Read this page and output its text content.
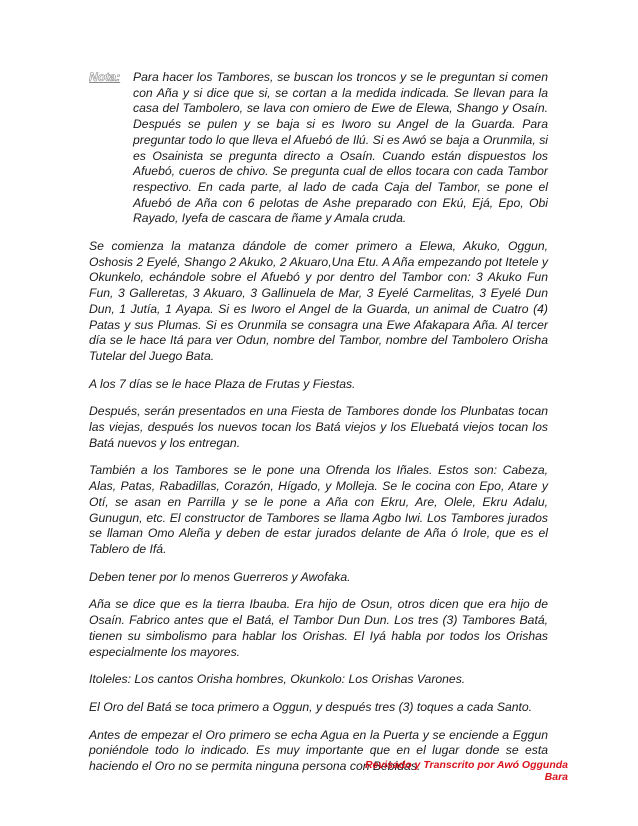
Nota:	Para hacer los Tambores, se buscan los troncos y se le preguntan si comen con Aña y si dice que si, se cortan a la medida indicada. Se llevan para la casa del Tambolero, se lava con omiero de Ewe de Elewa, Shango y Osaín. Después se pulen y se baja si es Iworo su Angel de la Guarda. Para preguntar todo lo que lleva el Afuebó de Ilú. Si es Awó se baja a Orunmila, si es Osainista se pregunta directo a Osaín. Cuando están dispuestos los Afuebó, cueros de chivo. Se pregunta cual de ellos tocara con cada Tambor respectivo. En cada parte, al lado de cada Caja del Tambor, se pone el Afuebó de Aña con 6 pelotas de Ashe preparado con Ekú, Ejá, Epo, Obi Rayado, Iyefa de cascara de ñame y Amala cruda.

Se comienza la matanza dándole de comer primero a Elewa, Akuko, Oggun, Oshosis 2 Eyelé, Shango 2 Akuko, 2 Akuaro,Una Etu. A Aña empezando pot Itetele y Okunkelo, echándole sobre el Afuebó y por dentro del Tambor con: 3 Akuko Fun Fun, 3 Galleretas, 3 Akuaro, 3 Gallinuela de Mar, 3 Eyelé Carmelitas, 3 Eyelé Dun Dun, 1 Jutía, 1 Ayapa. Si es Iworo el Angel de la Guarda, un animal de Cuatro (4) Patas y sus Plumas. Si es Orunmila se consagra una Ewe Afakapara Aña. Al tercer día se le hace Itá para ver Odun, nombre del Tambor, nombre del Tambolero Orisha Tutelar del Juego Bata.

A los 7 días se le hace Plaza de Frutas y Fiestas.

Después, serán presentados en una Fiesta de Tambores donde los Plunbatas tocan las viejas, después los nuevos tocan los Batá viejos y los Eluebatá viejos tocan los Batá nuevos y los entregan.

También a los Tambores se le pone una Ofrenda los Iñales. Estos son: Cabeza, Alas, Patas, Rabadillas, Corazón, Hígado, y Molleja. Se le cocina con Epo, Atare y Otí, se asan en Parrilla y se le pone a Aña con Ekru, Are, Olele, Ekru Adalu, Gunugun, etc. El constructor de Tambores se llama Agbo Iwi. Los Tambores jurados se llaman Omo Aleña y deben de estar jurados delante de Aña ó Irole, que es el Tablero de Ifá.

Deben tener por lo menos Guerreros y Awofaka.

Aña se dice que es la tierra Ibauba. Era hijo de Osun, otros dicen que era hijo de Osaín. Fabrico antes que el Batá, el Tambor Dun Dun. Los tres (3) Tambores Batá, tienen su simbolismo para hablar los Orishas. El Iyá habla por todos los Orishas especialmente los mayores.

Itoleles: Los cantos Orisha hombres, Okunkolo: Los Orishas Varones.

El Oro del Batá se toca primero a Oggun, y después tres (3) toques a cada Santo.

Antes de empezar el Oro primero se echa Agua en la Puerta y se enciende a Eggun poniéndole todo lo indicado. Es muy importante que en el lugar donde se esta haciendo el Oro no se permita ninguna persona con Bebidas.

Revisado y Transcrito por Awó Oggunda Bara
